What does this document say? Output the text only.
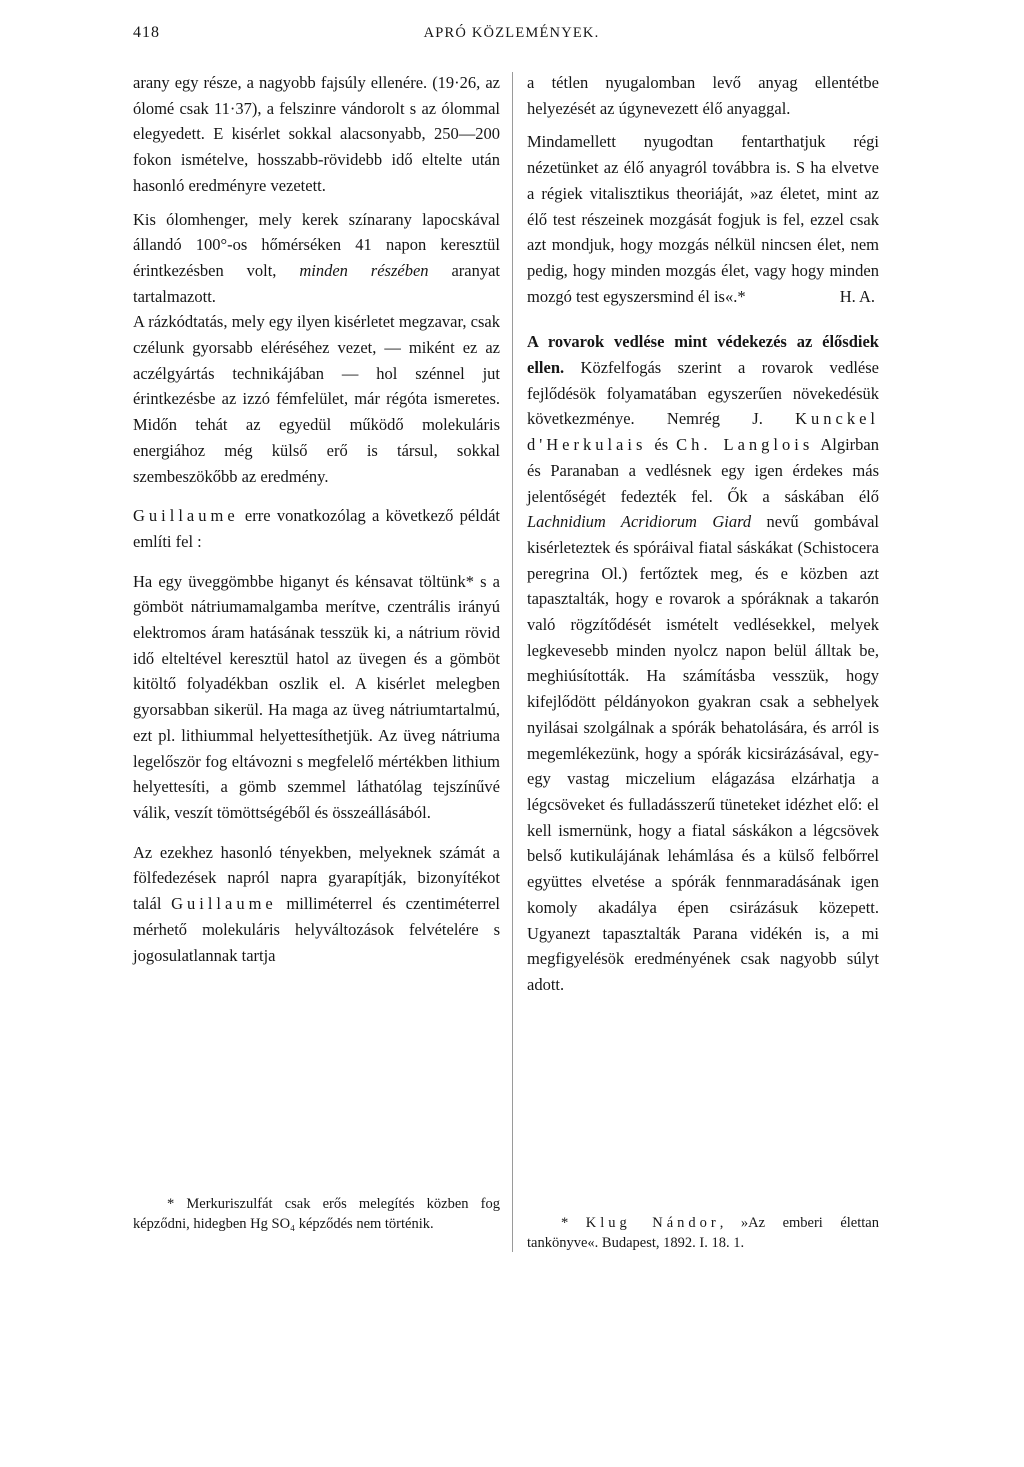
418	APRÓ KÖZLEMÉNYEK.

arany egy része, a nagyobb fajsúly ellenére. (19·26, az ólomé csak 11·37), a felszinre vándorolt s az ólommal elegyedett. E kisérlet sokkal alacsonyabb, 250—200 fokon ismételve, hosszabb-rövidebb idő eltelte után hasonló eredményre vezetett.

Kis ólomhenger, mely kerek színarany lapocskával állandó 100°-os hőmérséken 41 napon keresztül érintkezésben volt, minden részében aranyat tartalmazott.

A rázkódtatás, mely egy ilyen kisérletet megzavar, csak czélunk gyorsabb eléréséhez vezet, — miként ez az aczélgyártás technikájában — hol szénnel jut érintkezésbe az izzó fémfelület, már régóta ismeretes. Midőn tehát az egyedül működő molekuláris energiához még külső erő is társul, sokkal szembeszökőbb az eredmény.

Guillaume erre vonatkozólag a következő példát említi fel :

Ha egy üveggömbbe higanyt és kénsavat töltünk* s a gömböt nátriumamalgamba merítve, czentrális irányú elektromos áram hatásának tesszük ki, a nátrium rövid idő elteltével keresztül hatol az üvegen és a gömböt kitöltő folyadékban oszlik el. A kisérlet melegben gyorsabban sikerül. Ha maga az üveg nátriumtartalmú, ezt pl. lithiummal helyettesíthetjük. Az üveg nátriuma legelőször fog eltávozni s megfelelő mértékben lithium helyettesíti, a gömb szemmel láthatólag tejszínűvé válik, veszít tömöttségéből és összeállásából.

Az ezekhez hasonló tényekben, melyeknek számát a fölfedezések napról napra gyarapítják, bizonyítékot talál Guillaume milliméterrel és czentiméterrel mérhető molekuláris helyváltozások felvételére s jogosulatlannak tartja

* Merkuriszulfát csak erős melegítés közben fog képződni, hidegben Hg SO₄ képződés nem történik.

a tétlen nyugalomban levő anyag ellentétbe helyezését az úgynevezett élő anyaggal.

Mindamellett nyugodtan fentarthatjuk régi nézetünket az élő anyagról továbbra is. S ha elvetve a régiek vitalisztikus theoriáját, »az életet, mint az élő test részeinek mozgását fogjuk is fel, ezzel csak azt mondjuk, hogy mozgás nélkül nincsen élet, nem pedig, hogy minden mozgás élet, vagy hogy minden mozgó test egyszersmind él is«.*	H. A.

A rovarok vedlése mint védekezés az élősdiek ellen. Közfelfogás szerint a rovarok vedlése fejlődésök folyamatában egyszerűen növekedésük következménye. Nemrég J. Kunckel d'Herkulais és Ch. Langlois Algirban és Paranaban a vedlésnek egy igen érdekes más jelentőségét fedezték fel. Ők a sáskában élő Lachnidium Acridiorum Giard nevű gombával kisérleteztek és spóráival fiatal sáskákat (Schistocera peregrina Ol.) fertőztek meg, és e közben azt tapasztalták, hogy e rovarok a spóráknak a takarón való rögzítődését ismételt vedlésekkel, melyek legkevesebb minden nyolcz napon belül álltak be, meghiúsították. Ha számításba vesszük, hogy kifejlődött példányokon gyakran csak a sebhelyek nyilásai szolgálnak a spórák behatolására, és arról is megemlékezünk, hogy a spórák kicsirázásával, egy-egy vastag miczelium elágazása elzárhatja a légcsöveket és fulladásszerű tüneteket idézhet elő: el kell ismernünk, hogy a fiatal sáskákon a légcsövek belső kutikulájának lehámlása és a külső felbőrrel együttes elvetése a spórák fennmaradásának igen komoly akadálya épen csirázásuk közepett. Ugyanezt tapasztalták Parana vidékén is, a mi megfigyelésök eredményének csak nagyobb súlyt adott.

* Klug Nándor, »Az emberi élettan tankönyve«. Budapest, 1892. I. 18. 1.
